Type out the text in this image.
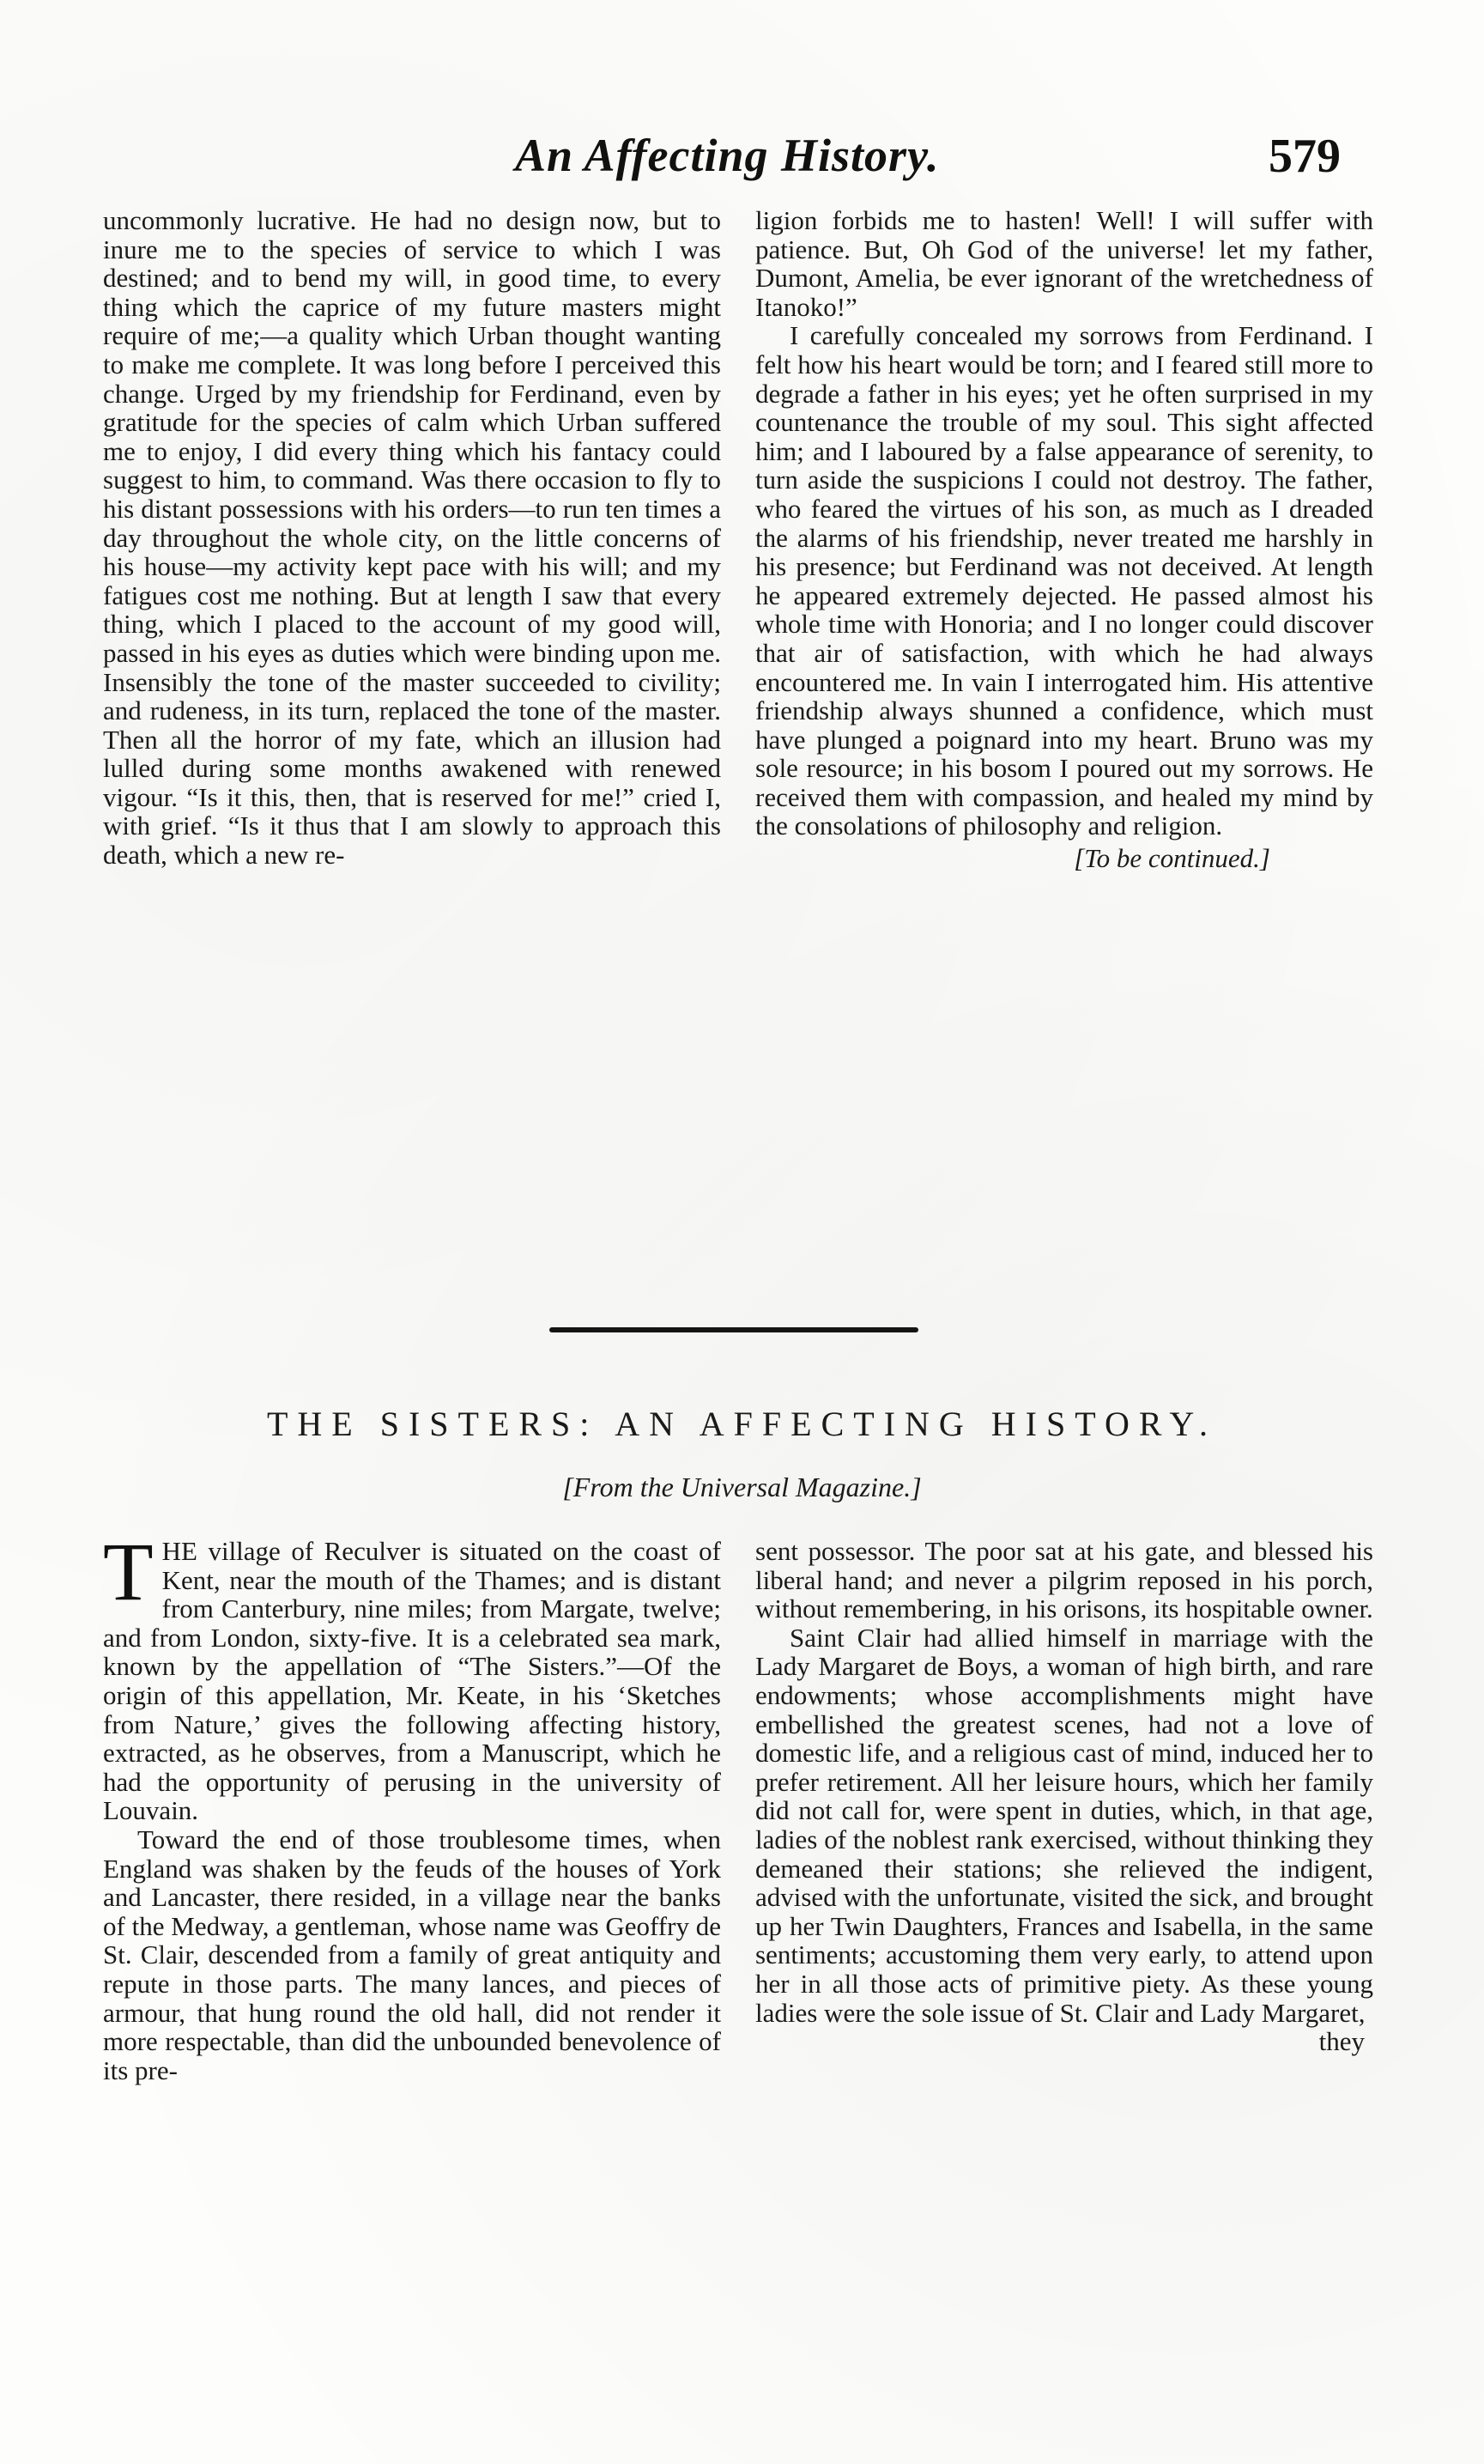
An Affecting History.	579

uncommonly lucrative. He had no design now, but to inure me to the species of service to which I was destined; and to bend my will, in good time, to every thing which the caprice of my future masters might require of me;—a quality which Urban thought wanting to make me complete. It was long before I perceived this change. Urged by my friendship for Ferdinand, even by gratitude for the species of calm which Urban suffered me to enjoy, I did every thing which his fantacy could suggest to him, to command. Was there occasion to fly to his distant possessions with his orders—to run ten times a day throughout the whole city, on the little concerns of his house—my activity kept pace with his will; and my fatigues cost me nothing. But at length I saw that every thing, which I placed to the account of my good will, passed in his eyes as duties which were binding upon me. Insensibly the tone of the master succeeded to civility; and rudeness, in its turn, replaced the tone of the master. Then all the horror of my fate, which an illusion had lulled during some months awakened with renewed vigour. “Is it this, then, that is reserved for me!” cried I, with grief. “Is it thus that I am slowly to approach this death, which a new re-

ligion forbids me to hasten! Well! I will suffer with patience. But, Oh God of the universe! let my father, Dumont, Amelia, be ever ignorant of the wretchedness of Itanoko!”

I carefully concealed my sorrows from Ferdinand. I felt how his heart would be torn; and I feared still more to degrade a father in his eyes; yet he often surprised in my countenance the trouble of my soul. This sight affected him; and I laboured by a false appearance of serenity, to turn aside the suspicions I could not destroy. The father, who feared the virtues of his son, as much as I dreaded the alarms of his friendship, never treated me harshly in his presence; but Ferdinand was not deceived. At length he appeared extremely dejected. He passed almost his whole time with Honoria; and I no longer could discover that air of satisfaction, with which he had always encountered me. In vain I interrogated him. His attentive friendship always shunned a confidence, which must have plunged a poignard into my heart. Bruno was my sole resource; in his bosom I poured out my sorrows. He received them with compassion, and healed my mind by the consolations of philosophy and religion.

[To be continued.]

THE SISTERS: AN AFFECTING HISTORY.
[From the Universal Magazine.]

THE village of Reculver is situated on the coast of Kent, near the mouth of the Thames; and is distant from Canterbury, nine miles; from Margate, twelve; and from London, sixty-five. It is a celebrated sea mark, known by the appellation of “The Sisters.”—Of the origin of this appellation, Mr. Keate, in his ‘Sketches from Nature,’ gives the following affecting history, extracted, as he observes, from a Manuscript, which he had the opportunity of perusing in the university of Louvain.

Toward the end of those troublesome times, when England was shaken by the feuds of the houses of York and Lancaster, there resided, in a village near the banks of the Medway, a gentleman, whose name was Geoffry de St. Clair, descended from a family of great antiquity and repute in those parts. The many lances, and pieces of armour, that hung round the old hall, did not render it more respectable, than did the unbounded benevolence of its pre-

sent possessor. The poor sat at his gate, and blessed his liberal hand; and never a pilgrim reposed in his porch, without remembering, in his orisons, its hospitable owner.

Saint Clair had allied himself in marriage with the Lady Margaret de Boys, a woman of high birth, and rare endowments; whose accomplishments might have embellished the greatest scenes, had not a love of domestic life, and a religious cast of mind, induced her to prefer retirement. All her leisure hours, which her family did not call for, were spent in duties, which, in that age, ladies of the noblest rank exercised, without thinking they demeaned their stations; she relieved the indigent, advised with the unfortunate, visited the sick, and brought up her Twin Daughters, Frances and Isabella, in the same sentiments; accustoming them very early, to attend upon her in all those acts of primitive piety. As these young ladies were the sole issue of St. Clair and Lady Margaret,

they
